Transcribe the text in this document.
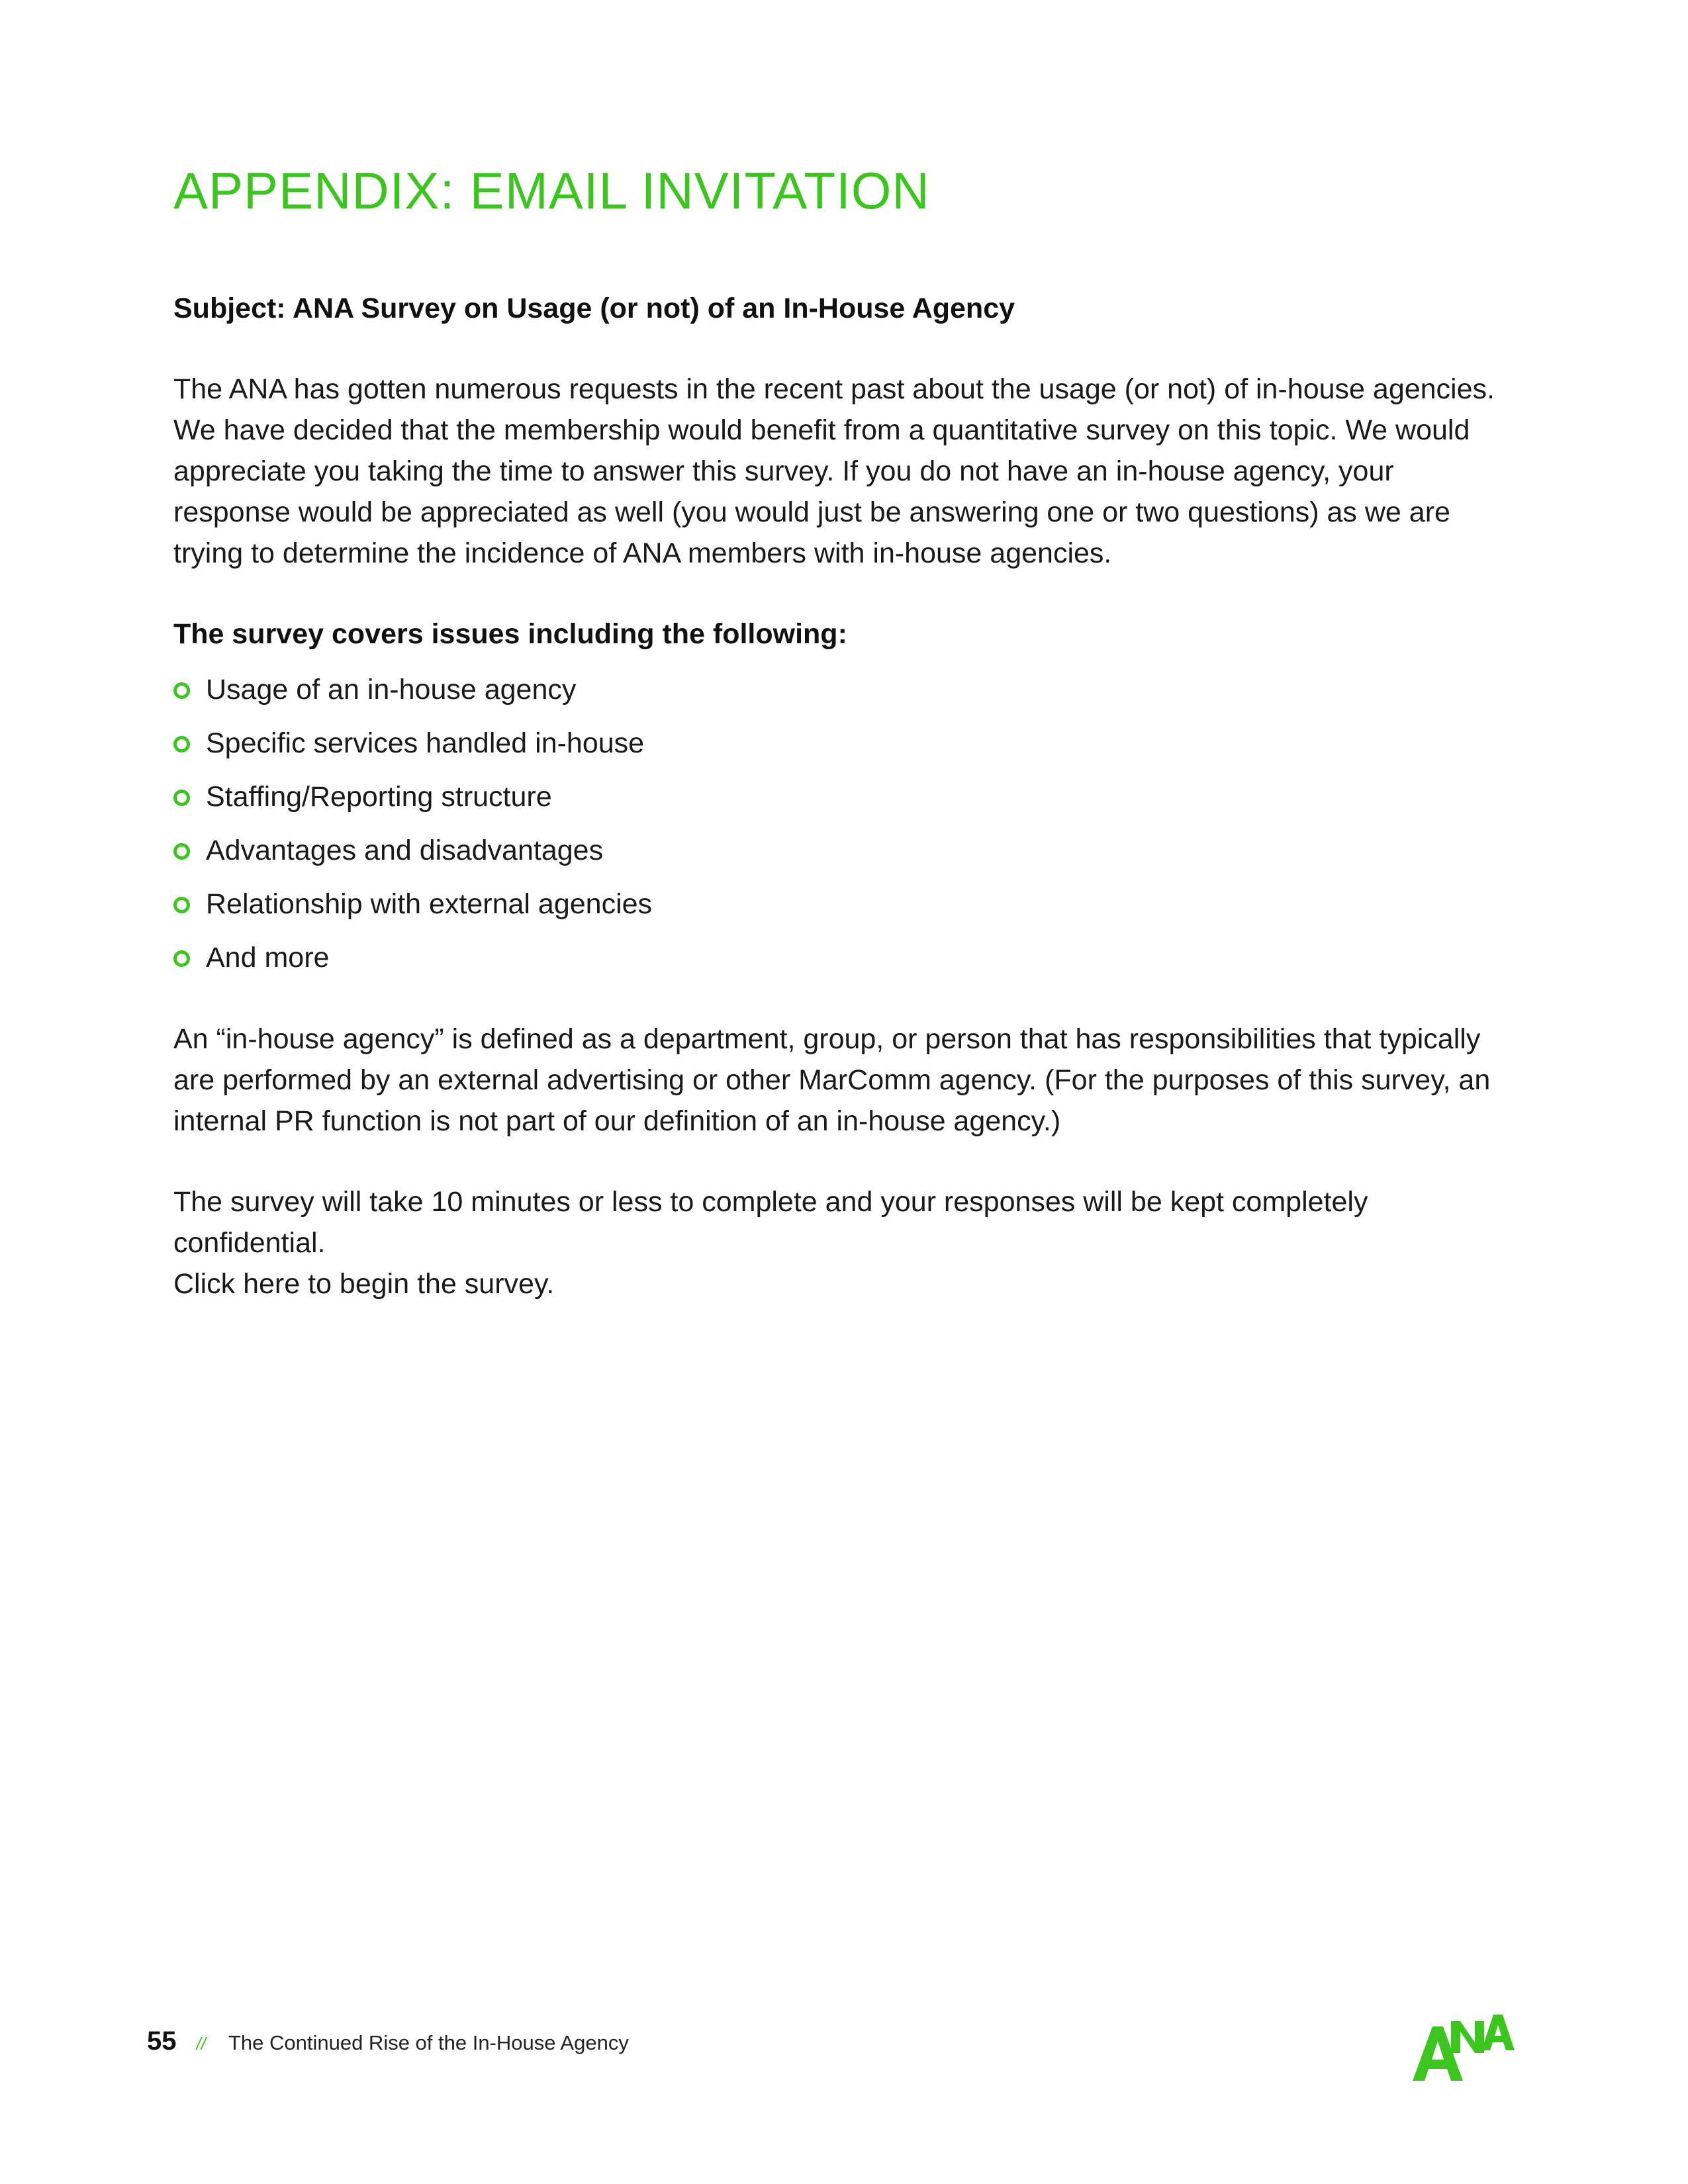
APPENDIX: EMAIL INVITATION

Subject: ANA Survey on Usage (or not) of an In-House Agency

The ANA has gotten numerous requests in the recent past about the usage (or not) of in-house agencies. We have decided that the membership would benefit from a quantitative survey on this topic. We would appreciate you taking the time to answer this survey. If you do not have an in-house agency, your response would be appreciated as well (you would just be answering one or two questions) as we are trying to determine the incidence of ANA members with in-house agencies.

The survey covers issues including the following:

Usage of an in-house agency
Specific services handled in-house
Staffing/Reporting structure
Advantages and disadvantages
Relationship with external agencies
And more

An “in-house agency” is defined as a department, group, or person that has responsibilities that typically are performed by an external advertising or other MarComm agency. (For the purposes of this survey, an internal PR function is not part of our definition of an in-house agency.)

The survey will take 10 minutes or less to complete and your responses will be kept completely confidential.
Click here to begin the survey.
55 // The Continued Rise of the In-House Agency
